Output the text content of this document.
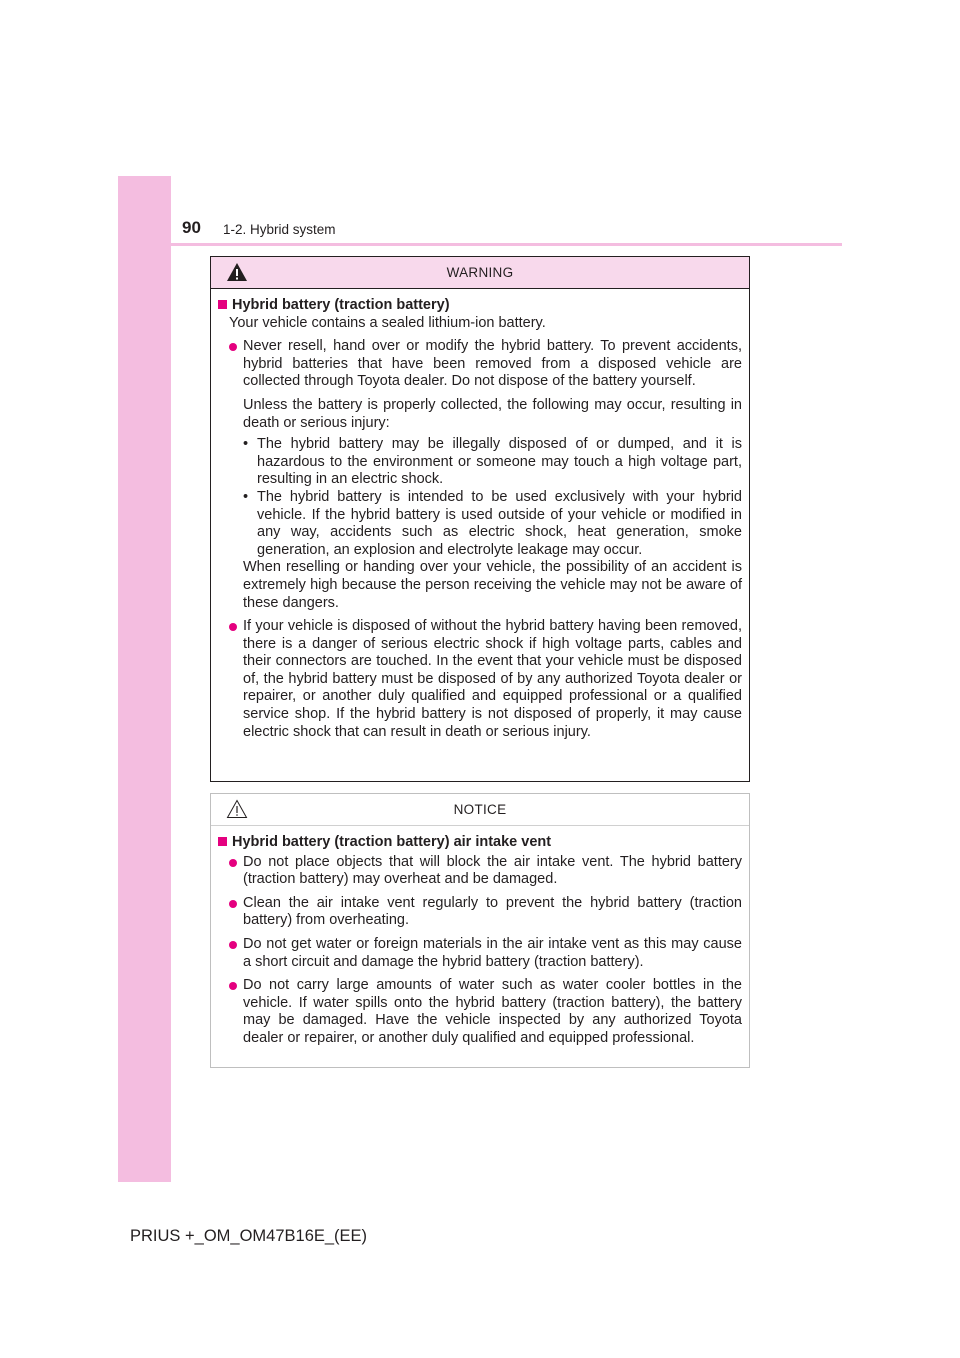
90 1-2. Hybrid system
WARNING
Hybrid battery (traction battery)
Your vehicle contains a sealed lithium-ion battery.
Never resell, hand over or modify the hybrid battery. To prevent accidents, hybrid batteries that have been removed from a disposed vehicle are collected through Toyota dealer. Do not dispose of the battery yourself.
Unless the battery is properly collected, the following may occur, resulting in death or serious injury:
• The hybrid battery may be illegally disposed of or dumped, and it is hazardous to the environment or someone may touch a high voltage part, resulting in an electric shock.
• The hybrid battery is intended to be used exclusively with your hybrid vehicle. If the hybrid battery is used outside of your vehicle or modified in any way, accidents such as electric shock, heat generation, smoke generation, an explosion and electrolyte leakage may occur.
When reselling or handing over your vehicle, the possibility of an accident is extremely high because the person receiving the vehicle may not be aware of these dangers.
If your vehicle is disposed of without the hybrid battery having been removed, there is a danger of serious electric shock if high voltage parts, cables and their connectors are touched. In the event that your vehicle must be disposed of, the hybrid battery must be disposed of by any authorized Toyota dealer or repairer, or another duly qualified and equipped professional or a qualified service shop. If the hybrid battery is not disposed of properly, it may cause electric shock that can result in death or serious injury.
NOTICE
Hybrid battery (traction battery) air intake vent
Do not place objects that will block the air intake vent. The hybrid battery (traction battery) may overheat and be damaged.
Clean the air intake vent regularly to prevent the hybrid battery (traction battery) from overheating.
Do not get water or foreign materials in the air intake vent as this may cause a short circuit and damage the hybrid battery (traction battery).
Do not carry large amounts of water such as water cooler bottles in the vehicle. If water spills onto the hybrid battery (traction battery), the battery may be damaged. Have the vehicle inspected by any authorized Toyota dealer or repairer, or another duly qualified and equipped professional.
PRIUS +_OM_OM47B16E_(EE)
